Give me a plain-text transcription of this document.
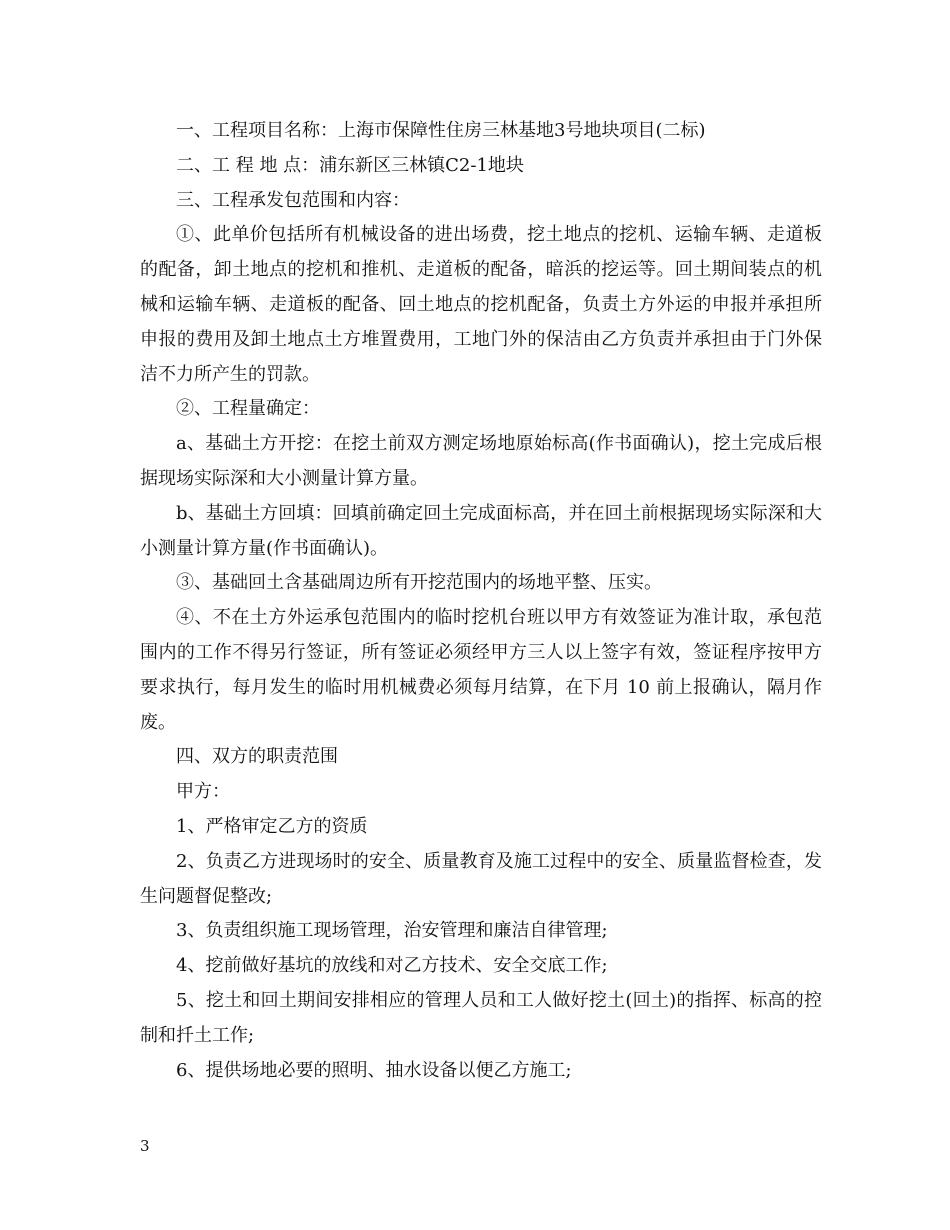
一、工程项目名称：上海市保障性住房三林基地3号地块项目(二标)

二、工 程 地 点：浦东新区三林镇C2-1地块

三、工程承发包范围和内容：

①、此单价包括所有机械设备的进出场费，挖土地点的挖机、运输车辆、走道板的配备，卸土地点的挖机和推机、走道板的配备，暗浜的挖运等。回土期间装点的机械和运输车辆、走道板的配备、回土地点的挖机配备，负责土方外运的申报并承担所申报的费用及卸土地点土方堆置费用，工地门外的保洁由乙方负责并承担由于门外保洁不力所产生的罚款。

②、工程量确定：

a、基础土方开挖：在挖土前双方测定场地原始标高(作书面确认)，挖土完成后根据现场实际深和大小测量计算方量。

b、基础土方回填：回填前确定回土完成面标高，并在回土前根据现场实际深和大小测量计算方量(作书面确认)。

③、基础回土含基础周边所有开挖范围内的场地平整、压实。

④、不在土方外运承包范围内的临时挖机台班以甲方有效签证为准计取，承包范围内的工作不得另行签证，所有签证必须经甲方三人以上签字有效，签证程序按甲方要求执行，每月发生的临时用机械费必须每月结算，在下月 10 前上报确认，隔月作废。

四、双方的职责范围

甲方：

1、严格审定乙方的资质

2、负责乙方进现场时的安全、质量教育及施工过程中的安全、质量监督检查，发生问题督促整改;

3、负责组织施工现场管理，治安管理和廉洁自律管理;

4、挖前做好基坑的放线和对乙方技术、安全交底工作;

5、挖土和回土期间安排相应的管理人员和工人做好挖土(回土)的指挥、标高的控制和扦土工作;

6、提供场地必要的照明、抽水设备以便乙方施工;

3
